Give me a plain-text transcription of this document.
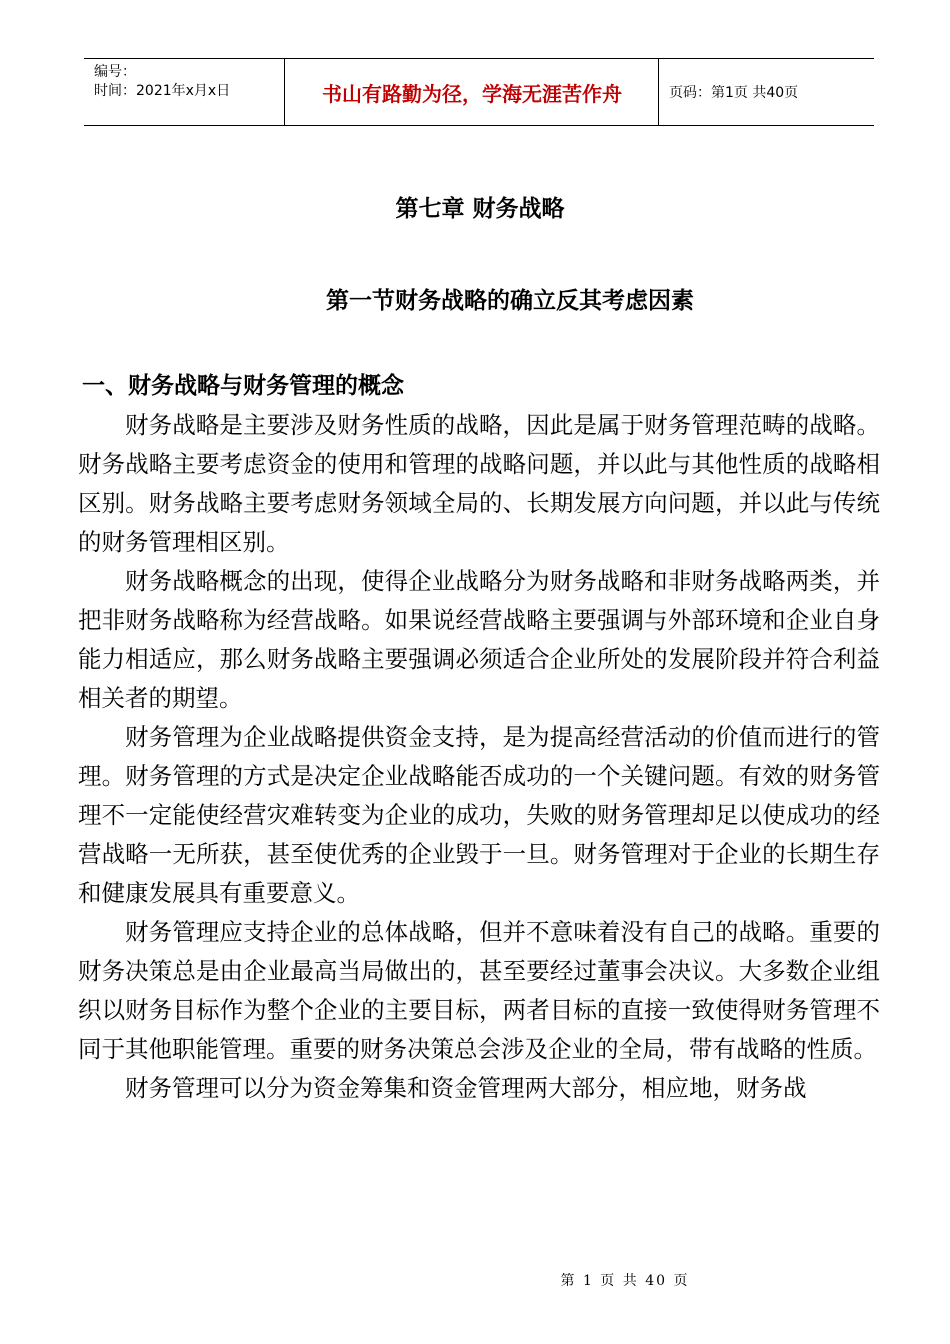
编号：
时间：2021年x月x日	书山有路勤为径，学海无涯苦作舟	页码：第1页 共40页
第七章 财务战略
第一节财务战略的确立反其考虑因素
一、财务战略与财务管理的概念

财务战略是主要涉及财务性质的战略，因此是属于财务管理范畴的战略。财务战略主要考虑资金的使用和管理的战略问题，并以此与其他性质的战略相区别。财务战略主要考虑财务领域全局的、长期发展方向问题，并以此与传统的财务管理相区别。

财务战略概念的出现，使得企业战略分为财务战略和非财务战略两类，并把非财务战略称为经营战略。如果说经营战略主要强调与外部环境和企业自身能力相适应，那么财务战略主要强调必须适合企业所处的发展阶段并符合利益相关者的期望。

财务管理为企业战略提供资金支持，是为提高经营活动的价值而进行的管理。财务管理的方式是决定企业战略能否成功的一个关键问题。有效的财务管理不一定能使经营灾难转变为企业的成功，失败的财务管理却足以使成功的经营战略一无所获，甚至使优秀的企业毁于一旦。财务管理对于企业的长期生存和健康发展具有重要意义。

财务管理应支持企业的总体战略，但并不意味着没有自己的战略。重要的财务决策总是由企业最高当局做出的，甚至要经过董事会决议。大多数企业组织以财务目标作为整个企业的主要目标，两者目标的直接一致使得财务管理不同于其他职能管理。重要的财务决策总会涉及企业的全局，带有战略的性质。

财务管理可以分为资金筹集和资金管理两大部分，相应地，财务战

第 1 页 共 40 页
